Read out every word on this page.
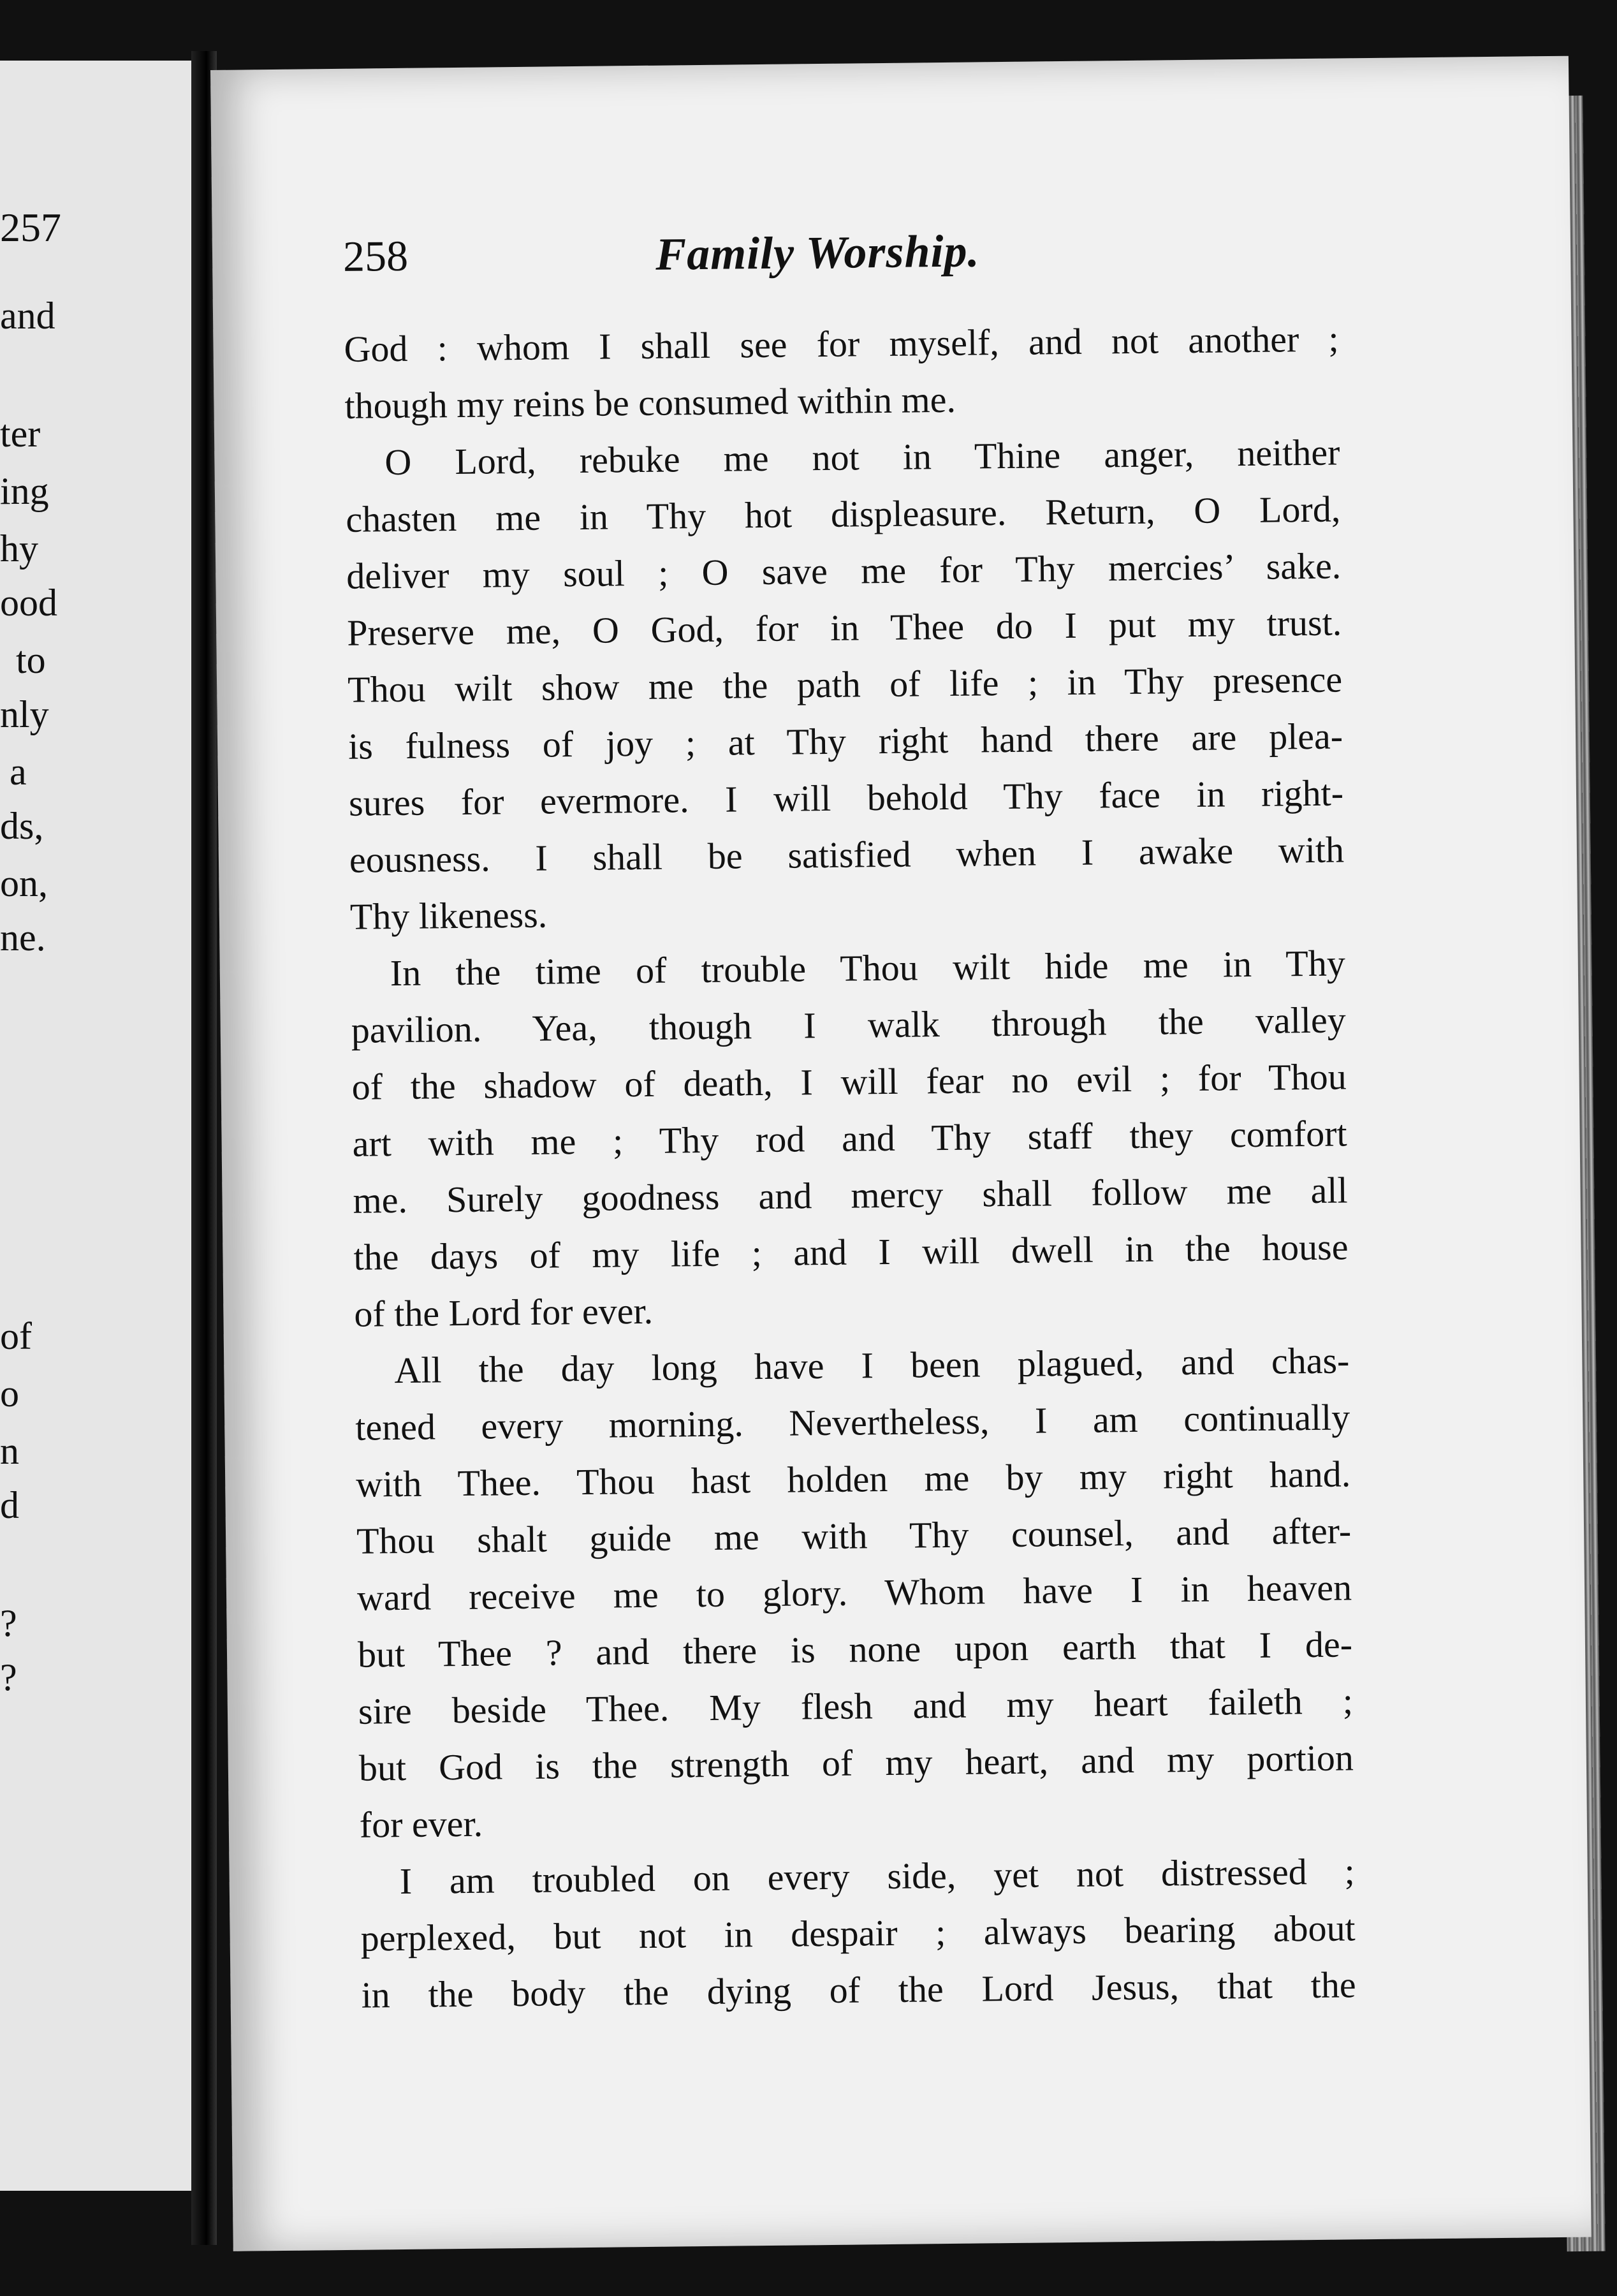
257
and
ter
ing
hy
ood
to
nly
a
ds,
on,
ne.
of
o
n
d
?
?
258	Family Worship.
God : whom I shall see for myself, and not another ;
though my reins be consumed within me.
O Lord, rebuke me not in Thine anger, neither
chasten me in Thy hot displeasure. Return, O Lord,
deliver my soul ; O save me for Thy mercies’ sake.
Preserve me, O God, for in Thee do I put my trust.
Thou wilt show me the path of life ; in Thy presence
is fulness of joy ; at Thy right hand there are plea-
sures for evermore. I will behold Thy face in right-
eousness. I shall be satisfied when I awake with
Thy likeness.
In the time of trouble Thou wilt hide me in Thy
pavilion. Yea, though I walk through the valley
of the shadow of death, I will fear no evil ; for Thou
art with me ; Thy rod and Thy staff they comfort
me. Surely goodness and mercy shall follow me all
the days of my life ; and I will dwell in the house
of the Lord for ever.
All the day long have I been plagued, and chas-
tened every morning. Nevertheless, I am continually
with Thee. Thou hast holden me by my right hand.
Thou shalt guide me with Thy counsel, and after-
ward receive me to glory. Whom have I in heaven
but Thee ? and there is none upon earth that I de-
sire beside Thee. My flesh and my heart faileth ;
but God is the strength of my heart, and my portion
for ever.
I am troubled on every side, yet not distressed ;
perplexed, but not in despair ; always bearing about
in the body the dying of the Lord Jesus, that the
